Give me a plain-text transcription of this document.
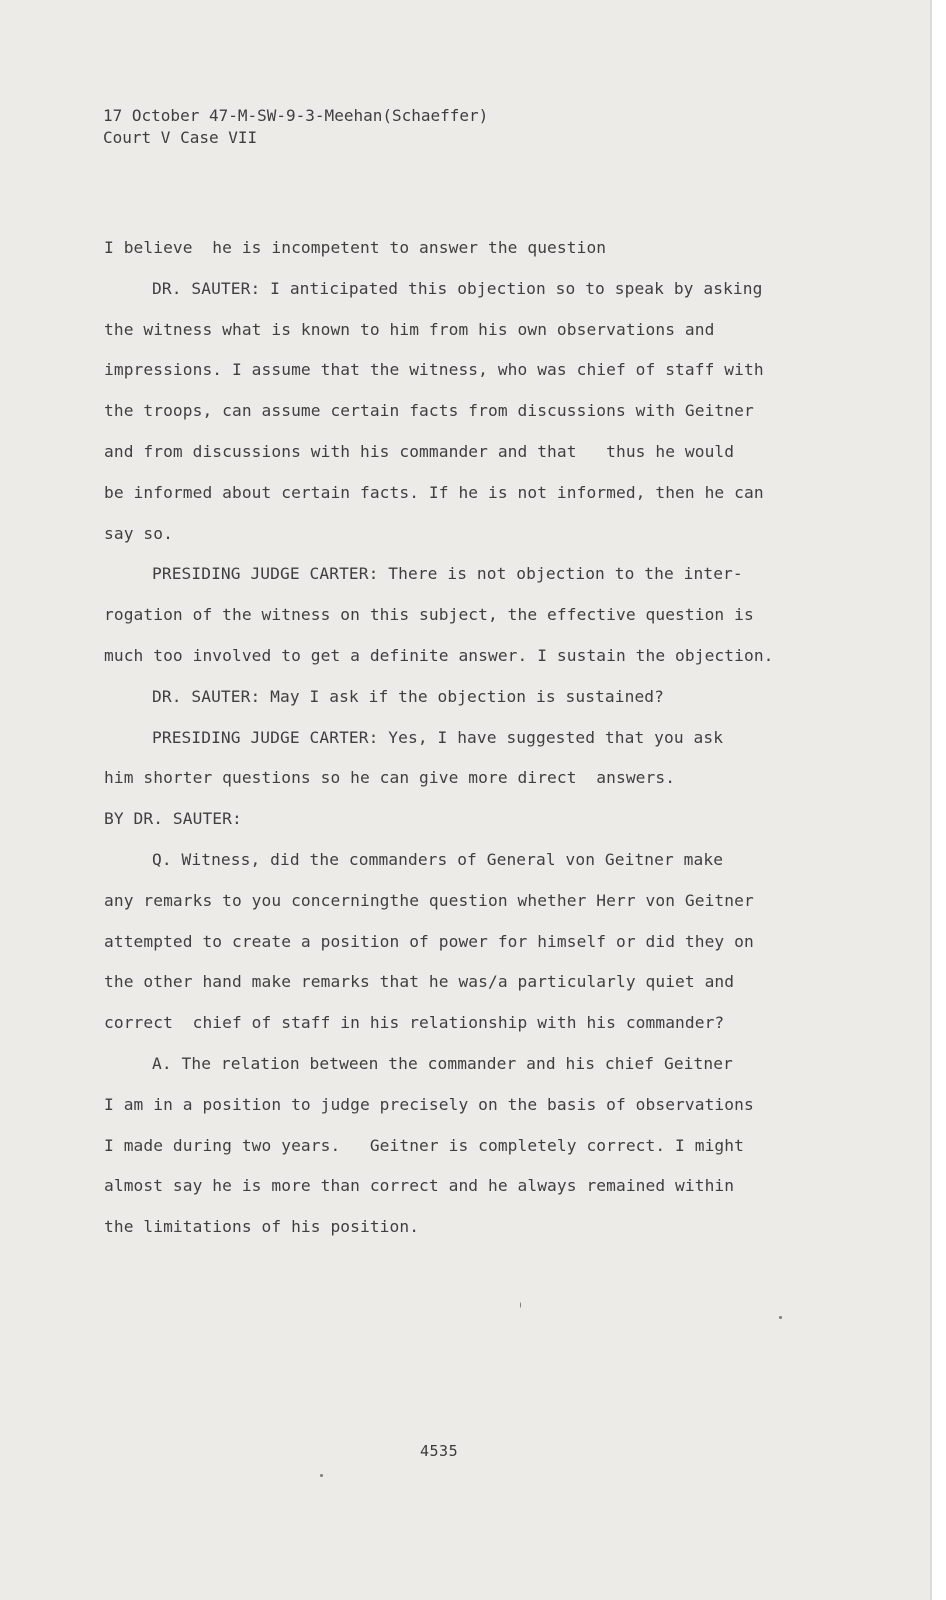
17 October 47-M-SW-9-3-Meehan(Schaeffer)
Court V Case VII
I believe  he is incompetent to answer the question
DR. SAUTER: I anticipated this objection so to speak by asking
the witness what is known to him from his own observations and
impressions. I assume that the witness, who was chief of staff with
the troops, can assume certain facts from discussions with Geitner
and from discussions with his commander and that   thus he would
be informed about certain facts. If he is not informed, then he can
say so.
PRESIDING JUDGE CARTER: There is not objection to the inter-
rogation of the witness on this subject, the effective question is
much too involved to get a definite answer. I sustain the objection.
DR. SAUTER: May I ask if the objection is sustained?
PRESIDING JUDGE CARTER: Yes, I have suggested that you ask
him shorter questions so he can give more direct  answers.
BY DR. SAUTER:
Q. Witness, did the commanders of General von Geitner make
any remarks to you concerningthe question whether Herr von Geitner
attempted to create a position of power for himself or did they on
the other hand make remarks that he was/a particularly quiet and
correct  chief of staff in his relationship with his commander?
A. The relation between the commander and his chief Geitner
I am in a position to judge precisely on the basis of observations
I made during two years.   Geitner is completely correct. I might
almost say he is more than correct and he always remained within
the limitations of his position.
4535
